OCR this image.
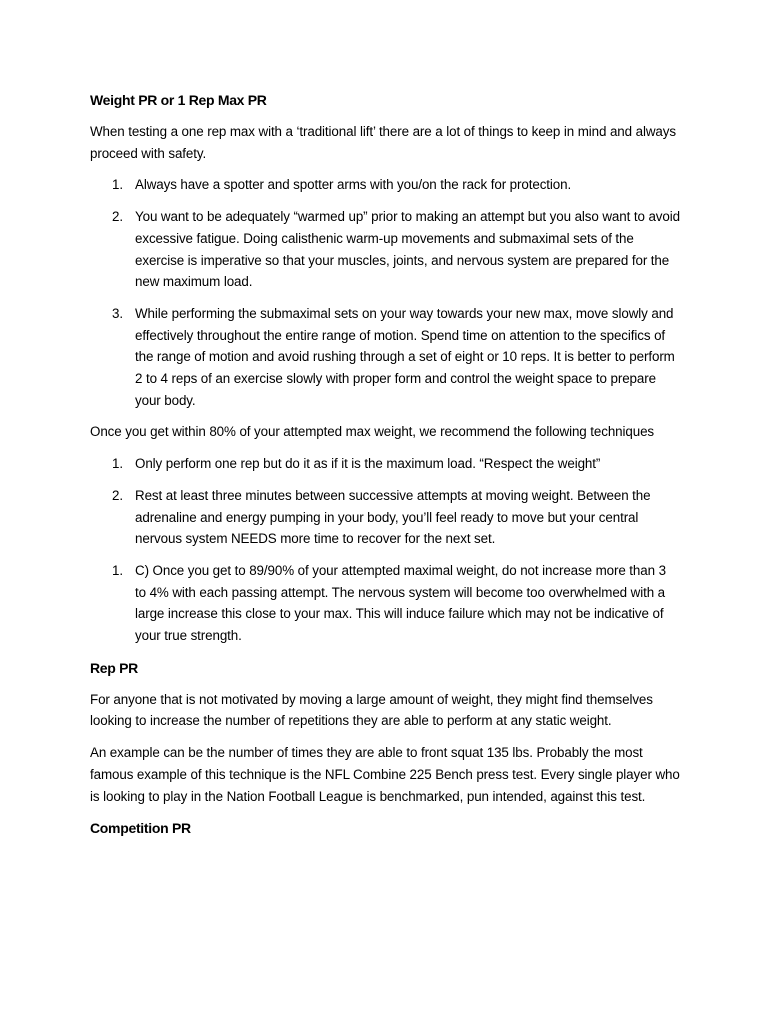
Weight PR or 1 Rep Max PR

When testing a one rep max with a ‘traditional lift’ there are a lot of things to keep in mind and always proceed with safety.

1. Always have a spotter and spotter arms with you/on the rack for protection.
2. You want to be adequately “warmed up” prior to making an attempt but you also want to avoid excessive fatigue. Doing calisthenic warm-up movements and submaximal sets of the exercise is imperative so that your muscles, joints, and nervous system are prepared for the new maximum load.
3. While performing the submaximal sets on your way towards your new max, move slowly and effectively throughout the entire range of motion. Spend time on attention to the specifics of the range of motion and avoid rushing through a set of eight or 10 reps. It is better to perform 2 to 4 reps of an exercise slowly with proper form and control the weight space to prepare your body.

Once you get within 80% of your attempted max weight, we recommend the following techniques

1. Only perform one rep but do it as if it is the maximum load. “Respect the weight”
2. Rest at least three minutes between successive attempts at moving weight. Between the adrenaline and energy pumping in your body, you’ll feel ready to move but your central nervous system NEEDS more time to recover for the next set.
1. C) Once you get to 89/90% of your attempted maximal weight, do not increase more than 3 to 4% with each passing attempt. The nervous system will become too overwhelmed with a large increase this close to your max. This will induce failure which may not be indicative of your true strength.
Rep PR

For anyone that is not motivated by moving a large amount of weight, they might find themselves looking to increase the number of repetitions they are able to perform at any static weight.

An example can be the number of times they are able to front squat 135 lbs. Probably the most famous example of this technique is the NFL Combine 225 Bench press test. Every single player who is looking to play in the Nation Football League is benchmarked, pun intended, against this test.

Competition PR
